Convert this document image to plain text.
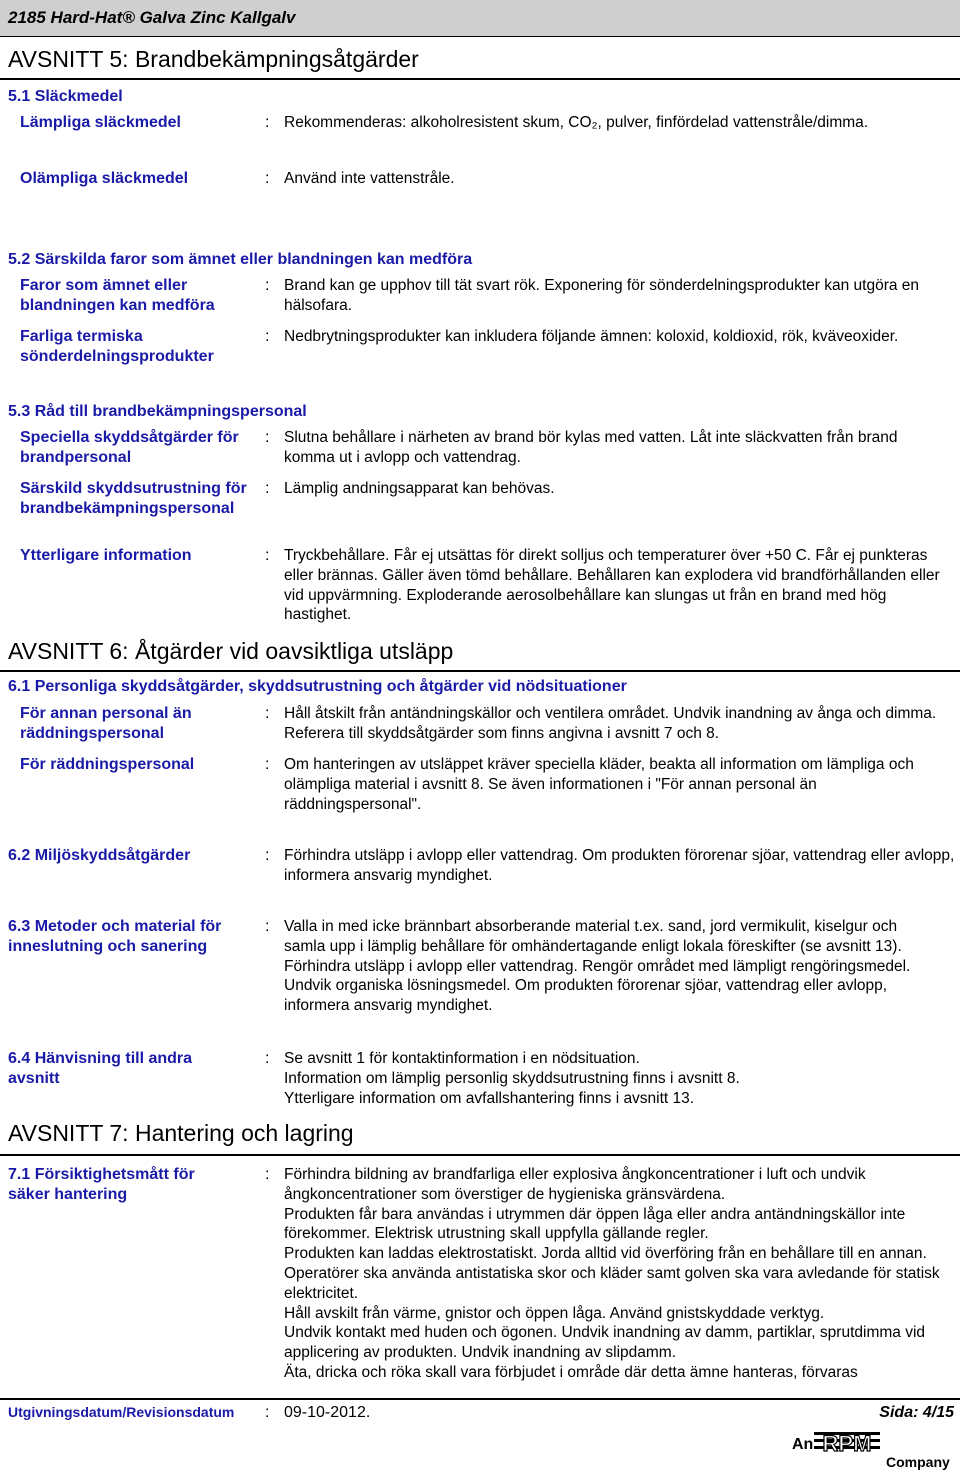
2185 Hard-Hat® Galva Zinc Kallgalv
AVSNITT 5: Brandbekämpningsåtgärder
5.1 Släckmedel
Lämpliga släckmedel	: Rekommenderas: alkoholresistent skum, CO₂, pulver, finfördelad vattenstråle/dimma.
Olämpliga släckmedel	: Använd inte vattenstråle.
5.2 Särskilda faror som ämnet eller blandningen kan medföra
Faror som ämnet eller blandningen kan medföra
: Brand kan ge upphov till tät svart rök. Exponering för sönderdelningsprodukter kan utgöra en hälsofara.
Farliga termiska sönderdelningsprodukter
: Nedbrytningsprodukter kan inkludera följande ämnen: koloxid, koldioxid, rök, kväveoxider.
5.3 Råd till brandbekämpningspersonal
Speciella skyddsåtgärder för brandpersonal
: Slutna behållare i närheten av brand bör kylas med vatten. Låt inte släckvatten från brand komma ut i avlopp och vattendrag.
Särskild skyddsutrustning för brandbekämpningspersonal
: Lämplig andningsapparat kan behövas.
Ytterligare information	: Tryckbehållare. Får ej utsättas för direkt solljus och temperaturer över +50 C. Får ej punkteras eller brännas. Gäller även tömd behållare. Behållaren kan explodera vid brandförhållanden eller vid uppvärmning. Exploderande aerosolbehållare kan slungas ut från en brand med hög hastighet.
AVSNITT 6: Åtgärder vid oavsiktliga utsläpp
6.1 Personliga skyddsåtgärder, skyddsutrustning och åtgärder vid nödsituationer
För annan personal än räddningspersonal
: Håll åtskilt från antändningskällor och ventilera området. Undvik inandning av ånga och dimma. Referera till skyddsåtgärder som finns angivna i avsnitt 7 och 8.
För räddningspersonal	: Om hanteringen av utsläppet kräver speciella kläder, beakta all information om lämpliga och olämpliga material i avsnitt 8. Se även informationen i "För annan personal än räddningspersonal".
6.2 Miljöskyddsåtgärder	: Förhindra utsläpp i avlopp eller vattendrag. Om produkten förorenar sjöar, vattendrag eller avlopp, informera ansvarig myndighet.
6.3 Metoder och material för inneslutning och sanering
: Valla in med icke brännbart absorberande material t.ex. sand, jord vermikulit, kiselgur och samla upp i lämplig behållare för omhändertagande enligt lokala föreskifter (se avsnitt 13). Förhindra utsläpp i avlopp eller vattendrag. Rengör området med lämpligt rengöringsmedel. Undvik organiska lösningsmedel. Om produkten förorenar sjöar, vattendrag eller avlopp, informera ansvarig myndighet.
6.4 Hänvisning till andra avsnitt
: Se avsnitt 1 för kontaktinformation i en nödsituation.
Information om lämplig personlig skyddsutrustning finns i avsnitt 8.
Ytterligare information om avfallshantering finns i avsnitt 13.
AVSNITT 7: Hantering och lagring
7.1 Försiktighetsmått för säker hantering
: Förhindra bildning av brandfarliga eller explosiva ångkoncentrationer i luft och undvik ångkoncentrationer som överstiger de hygieniska gränsvärdena.
Produkten får bara användas i utrymmen där öppen låga eller andra antändningskällor inte förekommer. Elektrisk utrustning skall uppfylla gällande regler.
Produkten kan laddas elektrostatiskt. Jorda alltid vid överföring från en behållare till en annan. Operatörer ska använda antistatiska skor och kläder samt golven ska vara avledande för statisk elektricitet.
Håll avskilt från värme, gnistor och öppen låga. Använd gnistskyddade verktyg.
Undvik kontakt med huden och ögonen. Undvik inandning av damm, partiklar, sprutdimma vid applicering av produkten. Undvik inandning av slipdamm.
Äta, dricka och röka skall vara förbjudet i område där detta ämne hanteras, förvaras
Utgivningsdatum/Revisionsdatum : 09-10-2012.	Sida: 4/15
An RPM
Company
